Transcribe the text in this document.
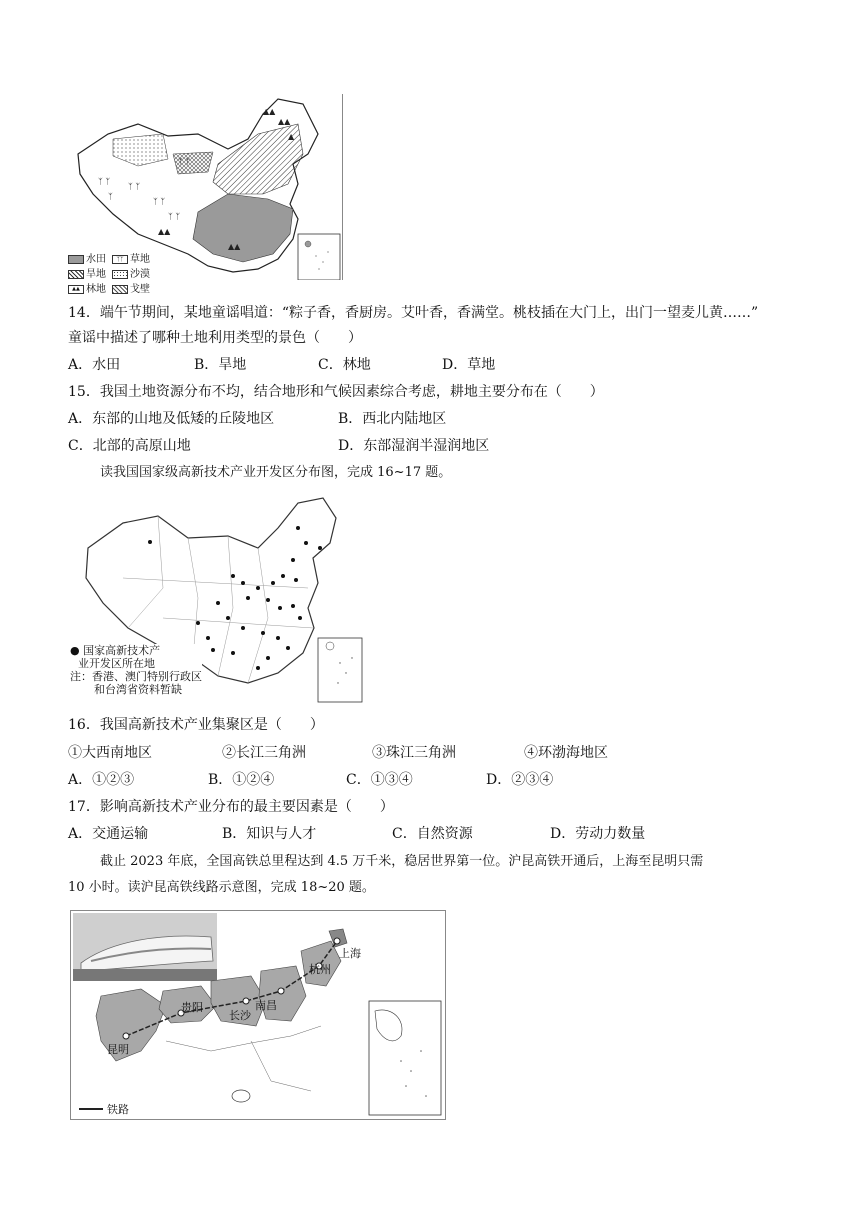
▲▲
▲▲
▲
ᛉ ᛉ
ᛉ ᛉ
ᛉ ᛉ
ᛉ ᛉ
ᛉ
ᛉ ᛉ
▲▲
▲▲
水田	ᛉᛉ 草地
旱地	沙漠
▲▲ 林地	戈壁
14．端午节期间，某地童谣唱道：“粽子香，香厨房。艾叶香，香满堂。桃枝插在大门上，出门一望麦儿黄……”
童谣中描述了哪种土地利用类型的景色（　　）
A．水田	B．旱地	C．林地	D．草地
15．我国土地资源分布不均，结合地形和气候因素综合考虑，耕地主要分布在（　　）
A．东部的山地及低矮的丘陵地区	B．西北内陆地区
C．北部的高原山地	D．东部湿润半湿润地区
读我国国家级高新技术产业开发区分布图，完成 16~17 题。
● 国家高新技术产
业开发区所在地
注：香港、澳门特别行政区
和台湾省资料暂缺
16．我国高新技术产业集聚区是（　　）
①大西南地区	②长江三角洲	③珠江三角洲	④环渤海地区
A．①②③	B．①②④	C．①③④	D．②③④
17．影响高新技术产业分布的最主要因素是（　　）
A．交通运输	B．知识与人才	C．自然资源	D．劳动力数量
截止 2023 年底，全国高铁总里程达到 4.5 万千米，稳居世界第一位。沪昆高铁开通后，上海至昆明只需
10 小时。读沪昆高铁线路示意图，完成 18~20 题。
上海
杭州
南昌
长沙
贵阳
昆明
铁路
